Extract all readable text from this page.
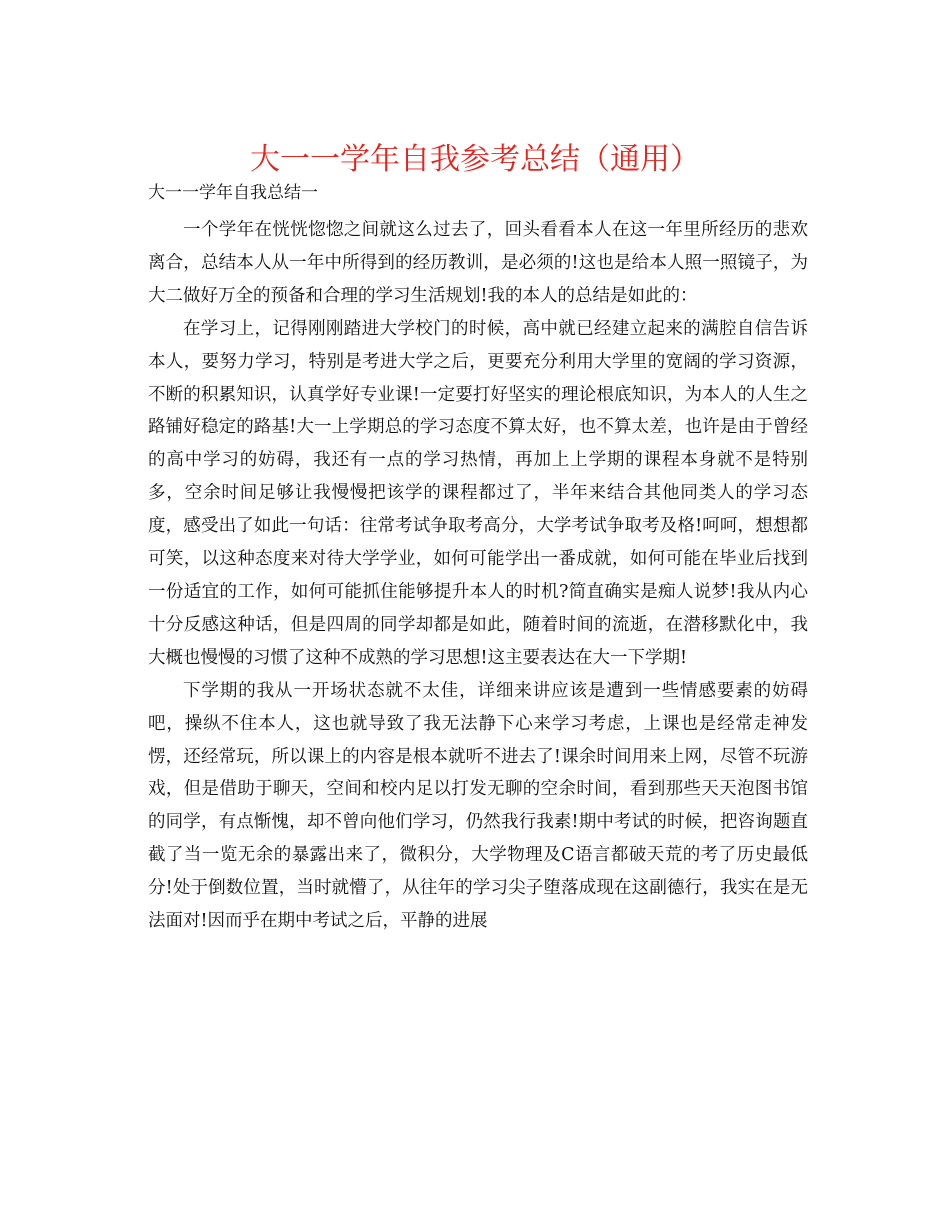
大一一学年自我参考总结（通用）

大一一学年自我总结一

一个学年在恍恍惚惚之间就这么过去了，回头看看本人在这一年里所经历的悲欢离合，总结本人从一年中所得到的经历教训，是必须的!这也是给本人照一照镜子，为大二做好万全的预备和合理的学习生活规划!我的本人的总结是如此的：

在学习上，记得刚刚踏进大学校门的时候，高中就已经建立起来的满腔自信告诉本人，要努力学习，特别是考进大学之后，更要充分利用大学里的宽阔的学习资源，不断的积累知识，认真学好专业课!一定要打好坚实的理论根底知识，为本人的人生之路铺好稳定的路基!大一上学期总的学习态度不算太好，也不算太差，也许是由于曾经的高中学习的妨碍，我还有一点的学习热情，再加上上学期的课程本身就不是特别多，空余时间足够让我慢慢把该学的课程都过了，半年来结合其他同类人的学习态度，感受出了如此一句话：往常考试争取考高分，大学考试争取考及格!呵呵，想想都可笑，以这种态度来对待大学学业，如何可能学出一番成就，如何可能在毕业后找到一份适宜的工作，如何可能抓住能够提升本人的时机?简直确实是痴人说梦!我从内心十分反感这种话，但是四周的同学却都是如此，随着时间的流逝，在潜移默化中，我大概也慢慢的习惯了这种不成熟的学习思想!这主要表达在大一下学期!

下学期的我从一开场状态就不太佳，详细来讲应该是遭到一些情感要素的妨碍吧，操纵不住本人，这也就导致了我无法静下心来学习考虑，上课也是经常走神发愣，还经常玩，所以课上的内容是根本就听不进去了!课余时间用来上网，尽管不玩游戏，但是借助于聊天，空间和校内足以打发无聊的空余时间，看到那些天天泡图书馆的同学，有点惭愧，却不曾向他们学习，仍然我行我素!期中考试的时候，把咨询题直截了当一览无余的暴露出来了，微积分，大学物理及C语言都破天荒的考了历史最低分!处于倒数位置，当时就懵了，从往年的学习尖子堕落成现在这副德行，我实在是无法面对!因而乎在期中考试之后，平静的进展
